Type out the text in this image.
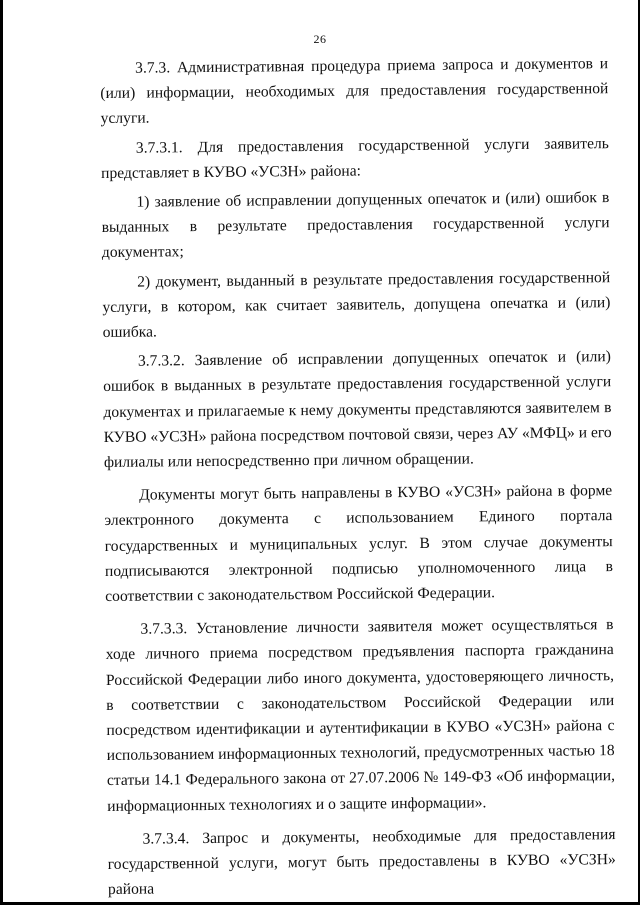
26

3.7.3. Административная процедура приема запроса и документов и (или) информации, необходимых для предоставления государственной услуги.

3.7.3.1. Для предоставления государственной услуги заявитель представляет в КУВО «УСЗН» района:

1) заявление об исправлении допущенных опечаток и (или) ошибок в выданных в результате предоставления государственной услуги документах;

2) документ, выданный в результате предоставления государственной услуги, в котором, как считает заявитель, допущена опечатка и (или) ошибка.

3.7.3.2. Заявление об исправлении допущенных опечаток и (или) ошибок в выданных в результате предоставления государственной услуги документах и прилагаемые к нему документы представляются заявителем в КУВО «УСЗН» района посредством почтовой связи, через АУ «МФЦ» и его филиалы или непосредственно при личном обращении.

Документы могут быть направлены в КУВО «УСЗН» района в форме электронного документа с использованием Единого портала государственных и муниципальных услуг. В этом случае документы подписываются электронной подписью уполномоченного лица в соответствии с законодательством Российской Федерации.

3.7.3.3. Установление личности заявителя может осуществляться в ходе личного приема посредством предъявления паспорта гражданина Российской Федерации либо иного документа, удостоверяющего личность, в соответствии с законодательством Российской Федерации или посредством идентификации и аутентификации в КУВО «УСЗН» района с использованием информационных технологий, предусмотренных частью 18 статьи 14.1 Федерального закона от 27.07.2006 № 149-ФЗ «Об информации, информационных технологиях и о защите информации».

3.7.3.4. Запрос и документы, необходимые для предоставления государственной услуги, могут быть предоставлены в КУВО «УСЗН» района
